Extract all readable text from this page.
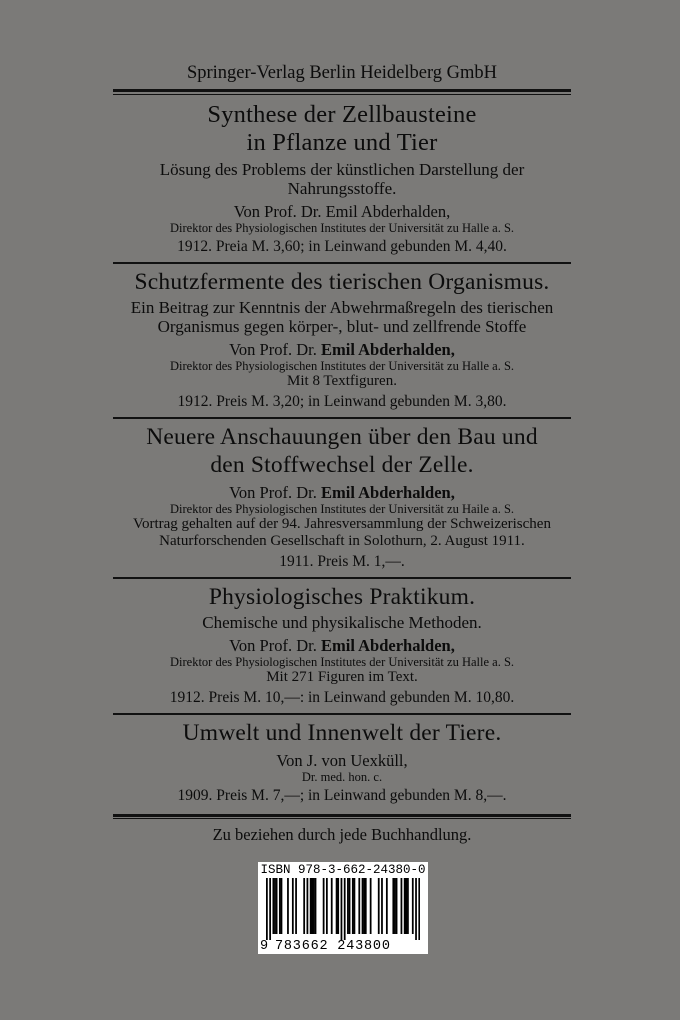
Springer-Verlag Berlin Heidelberg GmbH
Synthese der Zellbausteine
in Pflanze und Tier
Lösung des Problems der künstlichen Darstellung der
Nahrungsstoffe.
Von Prof. Dr. Emil Abderhalden,
Direktor des Physiologischen Institutes der Universität zu Halle a. S.
1912. Preia M. 3,60; in Leinwand gebunden M. 4,40.
Schutzfermente des tierischen Organismus.
Ein Beitrag zur Kenntnis der Abwehrmaßregeln des tierischen
Organismus gegen körper-, blut- und zellfrende Stoffe
Von Prof. Dr. Emil Abderhalden,
Direktor des Physiologischen Institutes der Universität zu Halle a. S.
Mit 8 Textfiguren.
1912. Preis M. 3,20; in Leinwand gebunden M. 3,80.
Neuere Anschauungen über den Bau und
den Stoffwechsel der Zelle.
Von Prof. Dr. Emil Abderhalden,
Direktor des Physiologischen Institutes der Universität zu Haile a. S.
Vortrag gehalten auf der 94. Jahresversammlung der Schweizerischen
Naturforschenden Gesellschaft in Solothurn, 2. August 1911.
1911. Preis M. 1,—.
Physiologisches Praktikum.
Chemische und physikalische Methoden.
Von Prof. Dr. Emil Abderhalden,
Direktor des Physiologischen Institutes der Universität zu Halle a. S.
Mit 271 Figuren im Text.
1912. Preis M. 10,—: in Leinwand gebunden M. 10,80.
Umwelt und Innenwelt der Tiere.
Von J. von Uexküll,
Dr. med. hon. c.
1909. Preis M. 7,—; in Leinwand gebunden M. 8,—.
Zu beziehen durch jede Buchhandlung.
ISBN 978-3-662-24380-0
9 783662 243800
